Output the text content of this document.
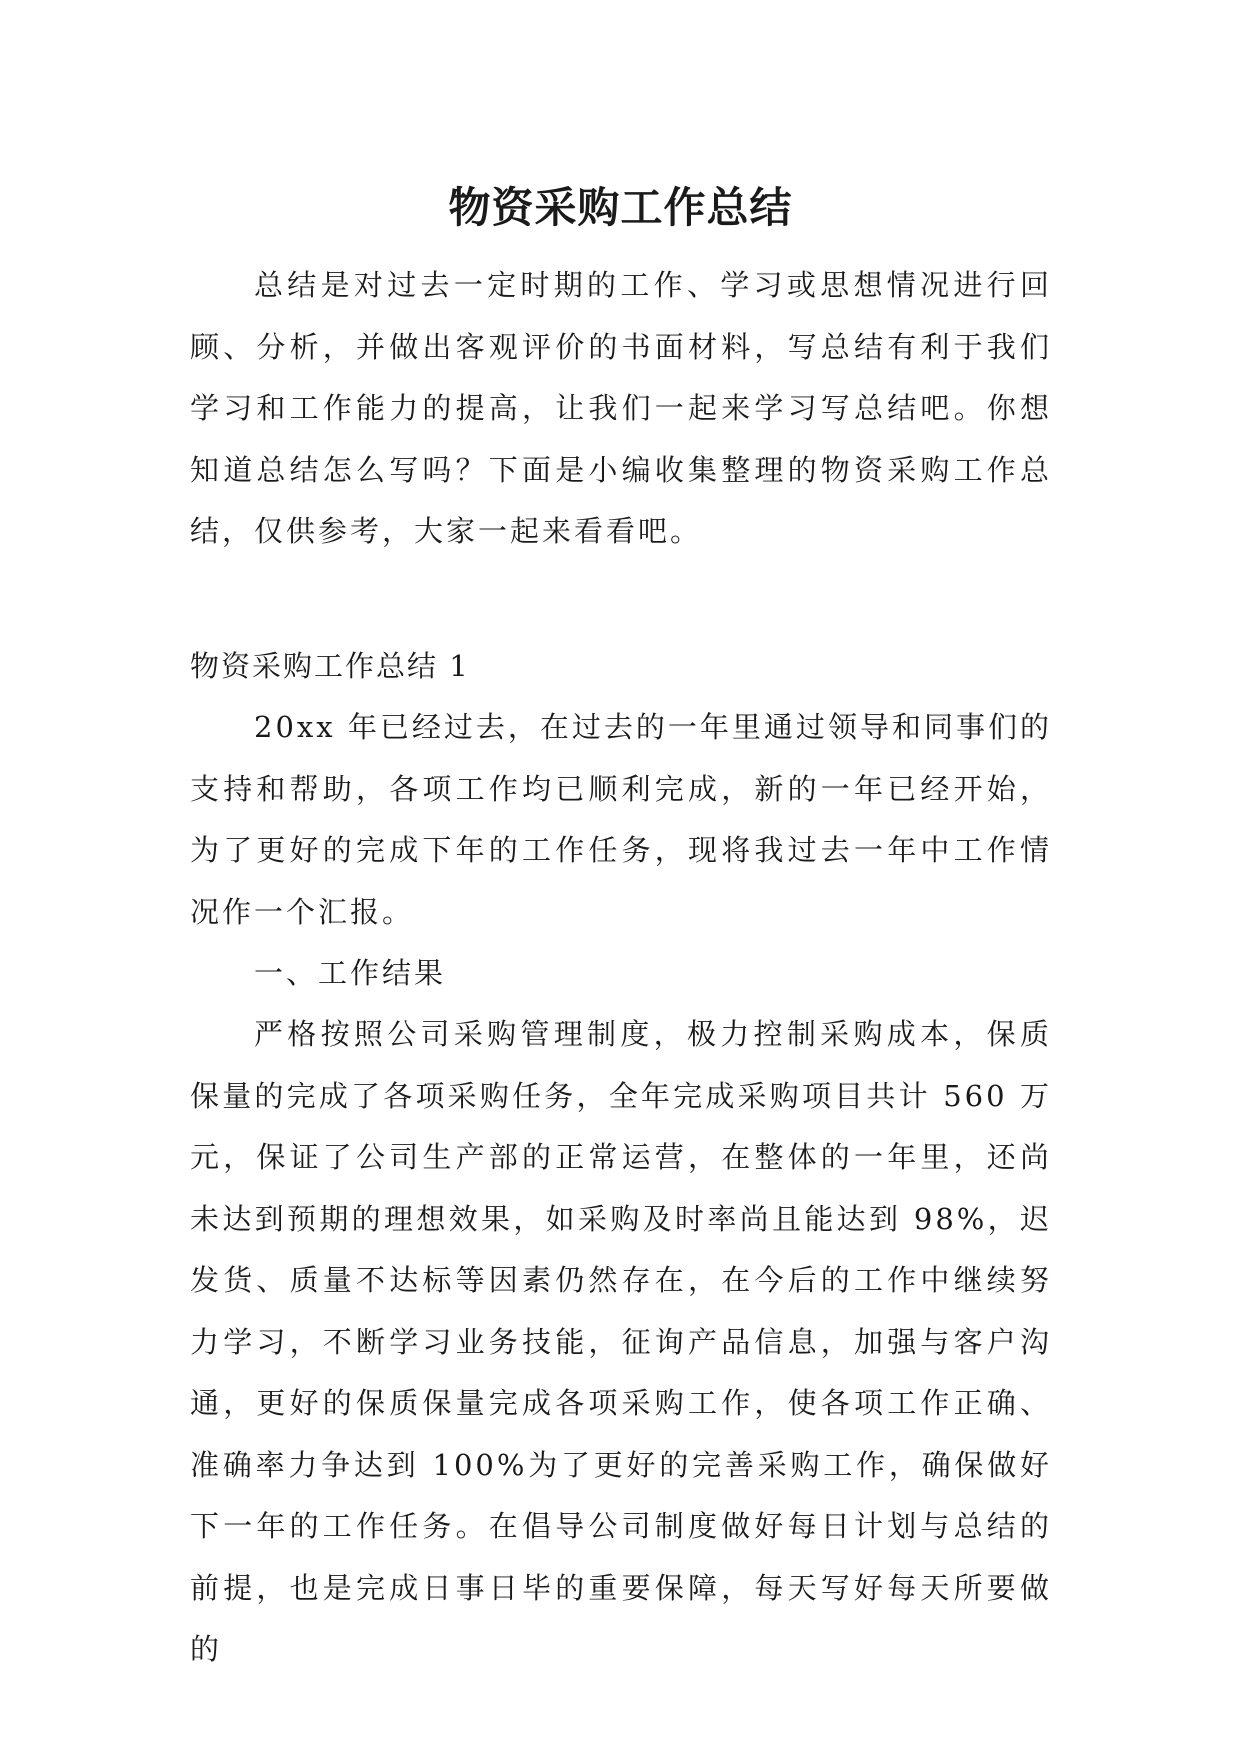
物资采购工作总结

总结是对过去一定时期的工作、学习或思想情况进行回顾、分析，并做出客观评价的书面材料，写总结有利于我们学习和工作能力的提高，让我们一起来学习写总结吧。你想知道总结怎么写吗？下面是小编收集整理的物资采购工作总结，仅供参考，大家一起来看看吧。

物资采购工作总结 1

20xx 年已经过去，在过去的一年里通过领导和同事们的支持和帮助，各项工作均已顺利完成，新的一年已经开始，为了更好的完成下年的工作任务，现将我过去一年中工作情况作一个汇报。

一、工作结果

严格按照公司采购管理制度，极力控制采购成本，保质保量的完成了各项采购任务，全年完成采购项目共计 560 万元，保证了公司生产部的正常运营，在整体的一年里，还尚未达到预期的理想效果，如采购及时率尚且能达到 98%，迟发货、质量不达标等因素仍然存在，在今后的工作中继续努力学习，不断学习业务技能，征询产品信息，加强与客户沟通，更好的保质保量完成各项采购工作，使各项工作正确、准确率力争达到 100%为了更好的完善采购工作，确保做好下一年的工作任务。在倡导公司制度做好每日计划与总结的前提，也是完成日事日毕的重要保障，每天写好每天所要做的
